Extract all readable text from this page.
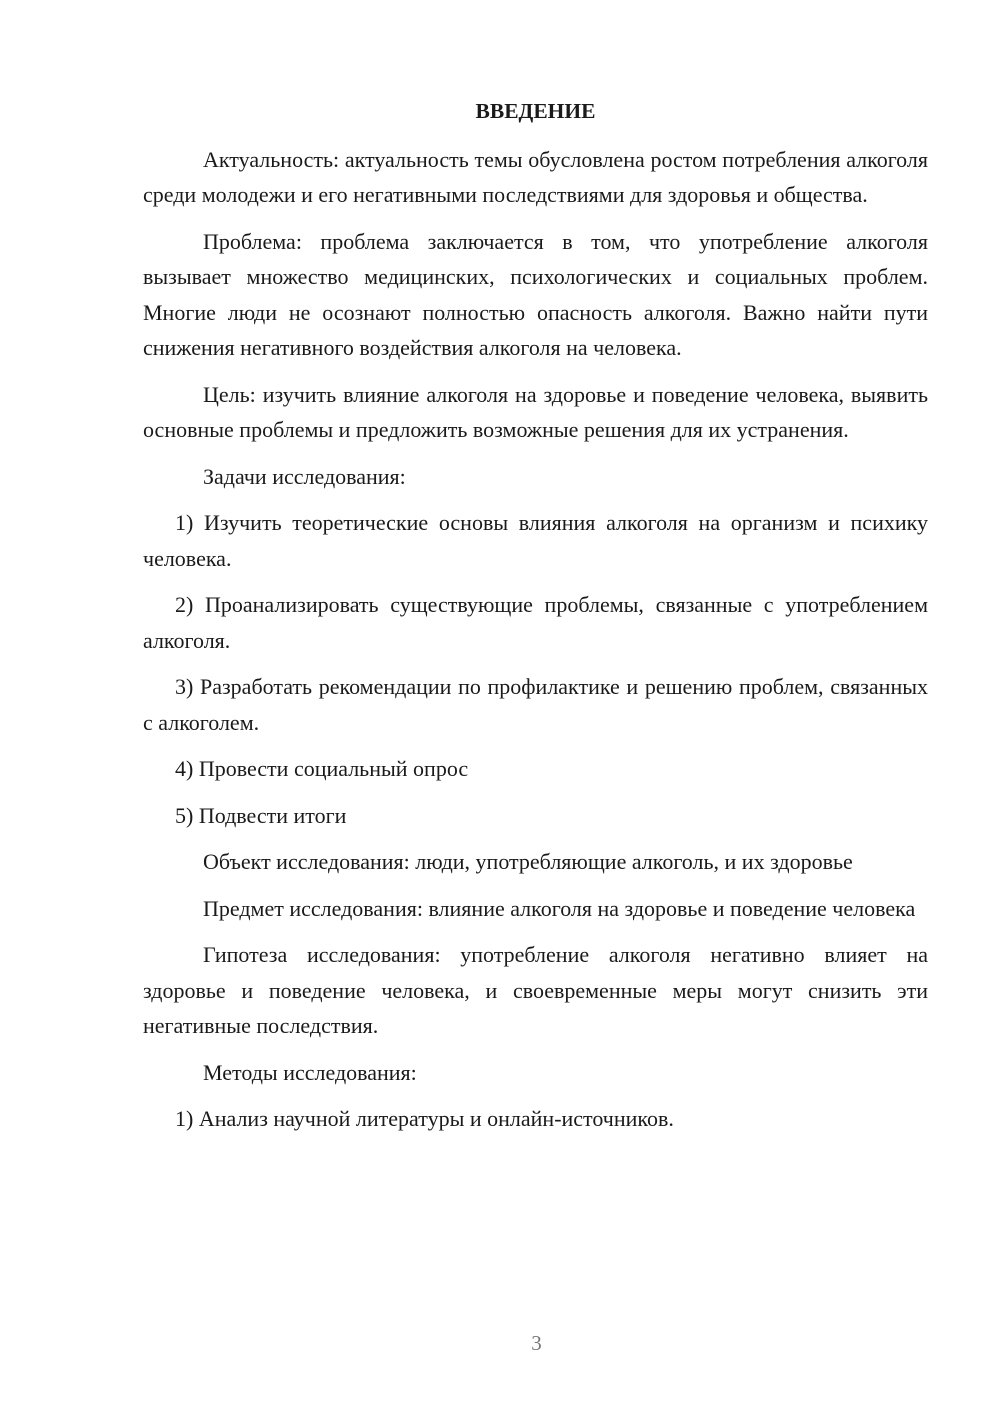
ВВЕДЕНИЕ

Актуальность: актуальность темы обусловлена ростом потребления алкоголя среди молодежи и его негативными последствиями для здоровья и общества.

Проблема: проблема заключается в том, что употребление алкоголя вызывает множество медицинских, психологических и социальных проблем. Многие люди не осознают полностью опасность алкоголя. Важно найти пути снижения негативного воздействия алкоголя на человека.

Цель: изучить влияние алкоголя на здоровье и поведение человека, выявить основные проблемы и предложить возможные решения для их устранения.

Задачи исследования:

1) Изучить теоретические основы влияния алкоголя на организм и психику человека.

2) Проанализировать существующие проблемы, связанные с употреблением алкоголя.

3) Разработать рекомендации по профилактике и решению проблем, связанных с алкоголем.

4) Провести социальный опрос

5) Подвести итоги

Объект исследования: люди, употребляющие алкоголь, и их здоровье

Предмет исследования: влияние алкоголя на здоровье и поведение человека

Гипотеза исследования: употребление алкоголя негативно влияет на здоровье и поведение человека, и своевременные меры могут снизить эти негативные последствия.

Методы исследования:

1) Анализ научной литературы и онлайн-источников.

3
